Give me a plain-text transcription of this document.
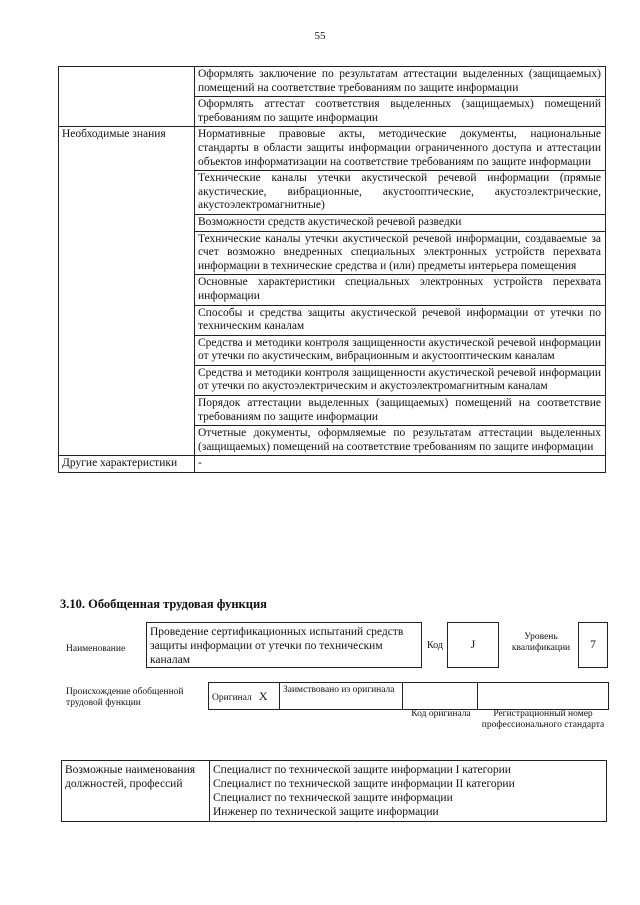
55
	Оформлять заключение по результатам аттестации выделенных (защищаемых) помещений на соответствие требованиям по защите информации
	Оформлять аттестат соответствия выделенных (защищаемых) помещений требованиям по защите информации
Необходимые знания	Нормативные правовые акты, методические документы, национальные стандарты в области защиты информации ограниченного доступа и аттестации объектов информатизации на соответствие требованиям по защите информации
	Технические каналы утечки акустической речевой информации (прямые акустические, вибрационные, акустооптические, акустоэлектрические, акустоэлектромагнитные)
	Возможности средств акустической речевой разведки
	Технические каналы утечки акустической речевой информации, создаваемые за счет возможно внедренных специальных электронных устройств перехвата информации в технические средства и (или) предметы интерьера помещения
	Основные характеристики специальных электронных устройств перехвата информации
	Способы и средства защиты акустической речевой информации от утечки по техническим каналам
	Средства и методики контроля защищенности акустической речевой информации от утечки по акустическим, вибрационным и акустооптическим каналам
	Средства и методики контроля защищенности акустической речевой информации от утечки по акустоэлектрическим и акустоэлектромагнитным каналам
	Порядок аттестации выделенных (защищаемых) помещений на соответствие требованиям по защите информации
	Отчетные документы, оформляемые по результатам аттестации выделенных (защищаемых) помещений на соответствие требованиям по защите информации
Другие характеристики	-
3.10. Обобщенная трудовая функция
Наименование
Проведение сертификационных испытаний средств защиты информации от утечки по техническим каналам
Код	J
Уровень квалификации	7
Происхождение обобщенной трудовой функции	Оригинал X	Заимствовано из оригинала		
Код оригинала	Регистрационный номер профессионального стандарта
Возможные наименования должностей, профессий	
Специалист по технической защите информации I категории
Специалист по технической защите информации II категории
Специалист по технической защите информации
Инженер по технической защите информации
